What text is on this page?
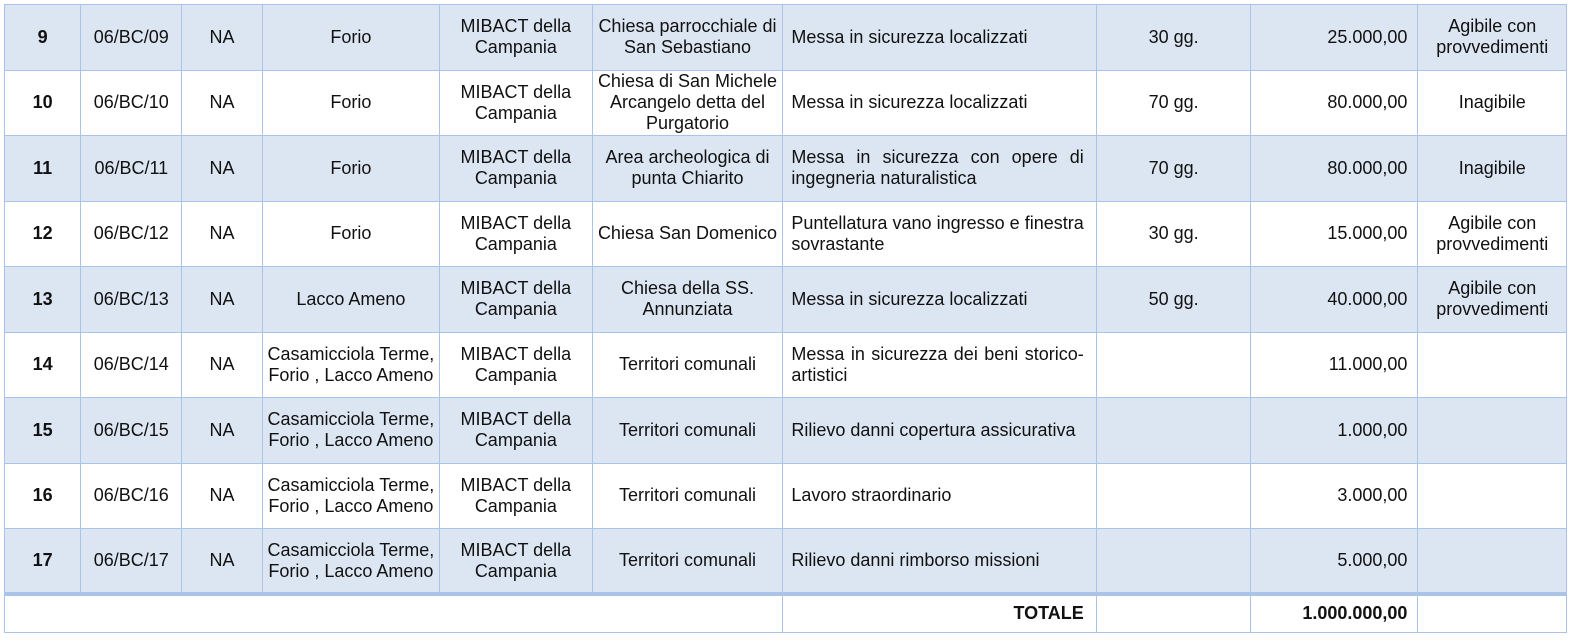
9	06/BC/09	NA	Forio	MIBACT della Campania	Chiesa parrocchiale di San Sebastiano	Messa in sicurezza localizzati	30 gg.	25.000,00	Agibile con provvedimenti
10	06/BC/10	NA	Forio	MIBACT della Campania	Chiesa di San Michele Arcangelo detta del Purgatorio	Messa in sicurezza localizzati	70 gg.	80.000,00	Inagibile
11	06/BC/11	NA	Forio	MIBACT della Campania	Area archeologica di punta Chiarito	Messa in sicurezza con opere di ingegneria naturalistica	70 gg.	80.000,00	Inagibile
12	06/BC/12	NA	Forio	MIBACT della Campania	Chiesa San Domenico	Puntellatura vano ingresso e finestra sovrastante	30 gg.	15.000,00	Agibile con provvedimenti
13	06/BC/13	NA	Lacco Ameno	MIBACT della Campania	Chiesa della SS. Annunziata	Messa in sicurezza localizzati	50 gg.	40.000,00	Agibile con provvedimenti
14	06/BC/14	NA	Casamicciola Terme, Forio , Lacco Ameno	MIBACT della Campania	Territori comunali	Messa in sicurezza dei beni storico-artistici		11.000,00	
15	06/BC/15	NA	Casamicciola Terme, Forio , Lacco Ameno	MIBACT della Campania	Territori comunali	Rilievo danni copertura assicurativa		1.000,00	
16	06/BC/16	NA	Casamicciola Terme, Forio , Lacco Ameno	MIBACT della Campania	Territori comunali	Lavoro straordinario		3.000,00	
17	06/BC/17	NA	Casamicciola Terme, Forio , Lacco Ameno	MIBACT della Campania	Territori comunali	Rilievo danni rimborso missioni		5.000,00	
						TOTALE		1.000.000,00	
